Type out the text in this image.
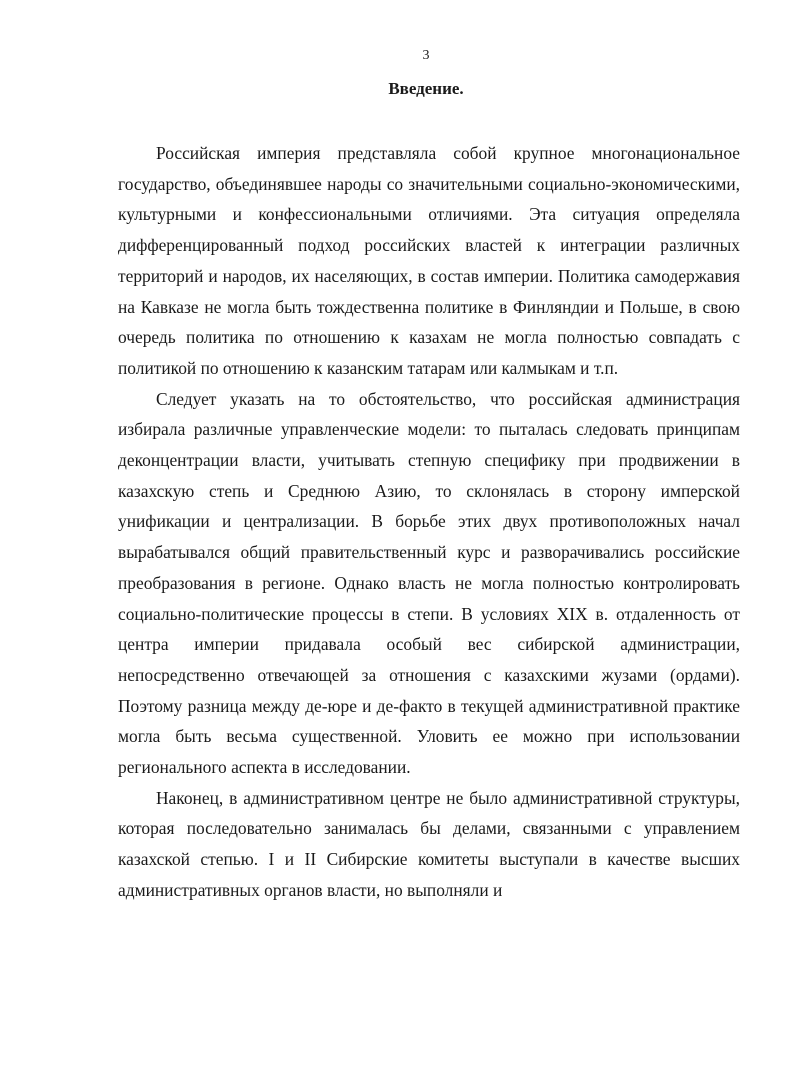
3
Введение.

Российская империя представляла собой крупное многонациональное государство, объединявшее народы со значительными социально-экономическими, культурными и конфессиональными отличиями. Эта ситуация определяла дифференцированный подход российских властей к интеграции различных территорий и народов, их населяющих, в состав империи. Политика самодержавия на Кавказе не могла быть тождественна политике в Финляндии и Польше, в свою очередь политика по отношению к казахам не могла полностью совпадать с политикой по отношению к казанским татарам или калмыкам и т.п.

Следует указать на то обстоятельство, что российская администрация избирала различные управленческие модели: то пыталась следовать принципам деконцентрации власти, учитывать степную специфику при продвижении в казахскую степь и Среднюю Азию, то склонялась в сторону имперской унификации и централизации. В борьбе этих двух противоположных начал вырабатывался общий правительственный курс и разворачивались российские преобразования в регионе. Однако власть не могла полностью контролировать социально-политические процессы в степи. В условиях XIX в. отдаленность от центра империи придавала особый вес сибирской администрации, непосредственно отвечающей за отношения с казахскими жузами (ордами). Поэтому разница между де-юре и де-факто в текущей административной практике могла быть весьма существенной. Уловить ее можно при использовании регионального аспекта в исследовании.

Наконец, в административном центре не было административной структуры, которая последовательно занималась бы делами, связанными с управлением казахской степью. I и II Сибирские комитеты выступали в качестве высших административных органов власти, но выполняли и
